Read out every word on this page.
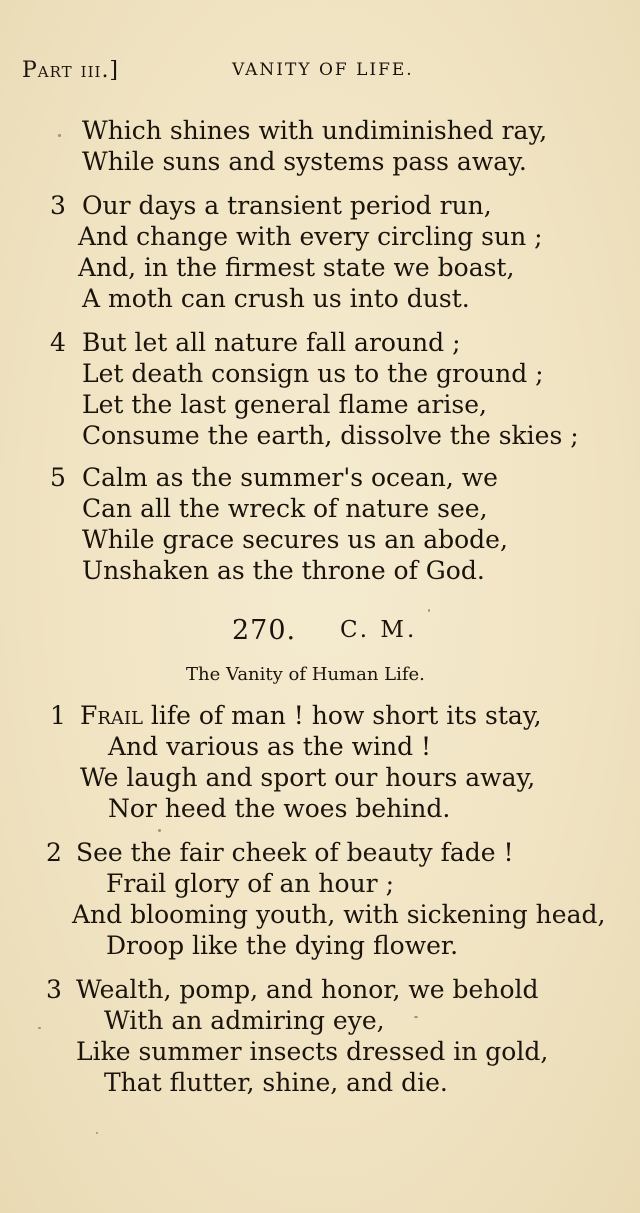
Part iii.]	VANITY OF LIFE.
Which shines with undiminished ray,
While suns and systems pass away.
3 Our days a transient period run,
And change with every circling sun ;
And, in the firmest state we boast,
A moth can crush us into dust.
4 But let all nature fall around ;
Let death consign us to the ground ;
Let the last general flame arise,
Consume the earth, dissolve the skies ;
5 Calm as the summer's ocean, we
Can all the wreck of nature see,
While grace secures us an abode,
Unshaken as the throne of God.
270. C. M.
The Vanity of Human Life.
1 Frail life of man ! how short its stay,
And various as the wind !
We laugh and sport our hours away,
Nor heed the woes behind.
2 See the fair cheek of beauty fade !
Frail glory of an hour ;
And blooming youth, with sickening head,
Droop like the dying flower.
3 Wealth, pomp, and honor, we behold
With an admiring eye,
Like summer insects dressed in gold,
That flutter, shine, and die.
